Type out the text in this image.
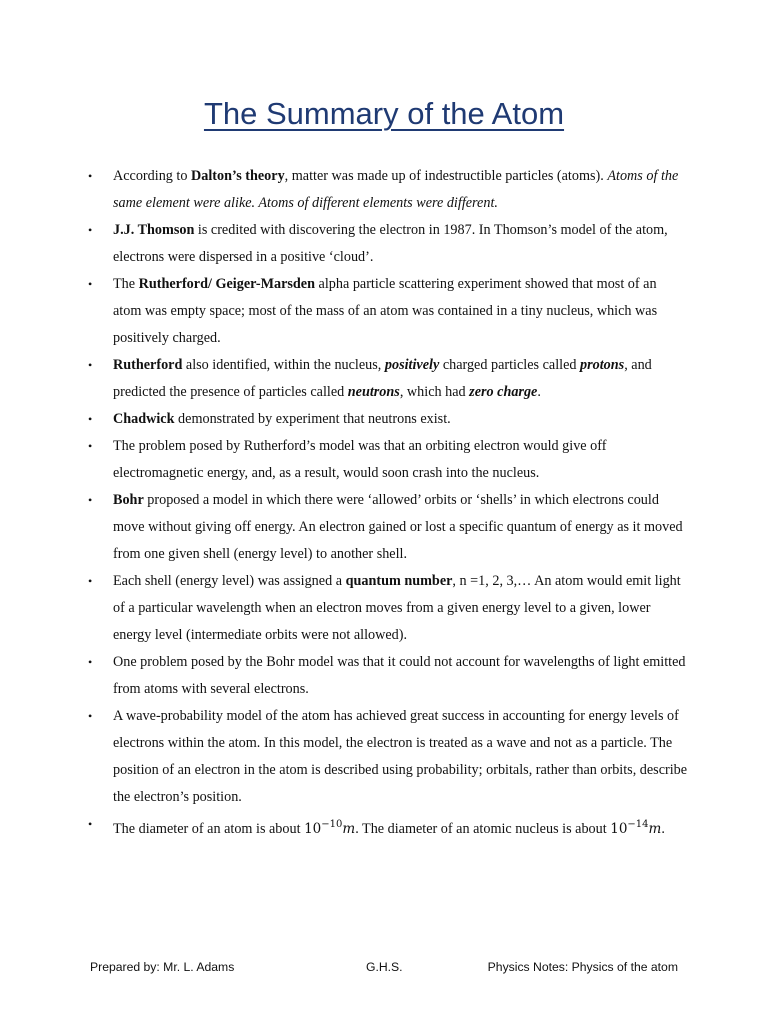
The Summary of the Atom
• According to Dalton’s theory, matter was made up of indestructible particles (atoms). Atoms of the same element were alike. Atoms of different elements were different.
• J.J. Thomson is credited with discovering the electron in 1987. In Thomson’s model of the atom, electrons were dispersed in a positive ‘cloud’.
• The Rutherford/ Geiger-Marsden alpha particle scattering experiment showed that most of an atom was empty space; most of the mass of an atom was contained in a tiny nucleus, which was positively charged.
• Rutherford also identified, within the nucleus, positively charged particles called protons, and predicted the presence of particles called neutrons, which had zero charge.
• Chadwick demonstrated by experiment that neutrons exist.
• The problem posed by Rutherford’s model was that an orbiting electron would give off electromagnetic energy, and, as a result, would soon crash into the nucleus.
• Bohr proposed a model in which there were ‘allowed’ orbits or ‘shells’ in which electrons could move without giving off energy. An electron gained or lost a specific quantum of energy as it moved from one given shell (energy level) to another shell.
• Each shell (energy level) was assigned a quantum number, n =1, 2, 3,… An atom would emit light of a particular wavelength when an electron moves from a given energy level to a given, lower energy level (intermediate orbits were not allowed).
• One problem posed by the Bohr model was that it could not account for wavelengths of light emitted from atoms with several electrons.
• A wave-probability model of the atom has achieved great success in accounting for energy levels of electrons within the atom. In this model, the electron is treated as a wave and not as a particle. The position of an electron in the atom is described using probability; orbitals, rather than orbits, describe the electron’s position.
• The diameter of an atom is about $10^{-10}m$. The diameter of an atomic nucleus is about $10^{-14}m$.
Prepared by: Mr. L. Adams	G.H.S.	Physics Notes: Physics of the atom
